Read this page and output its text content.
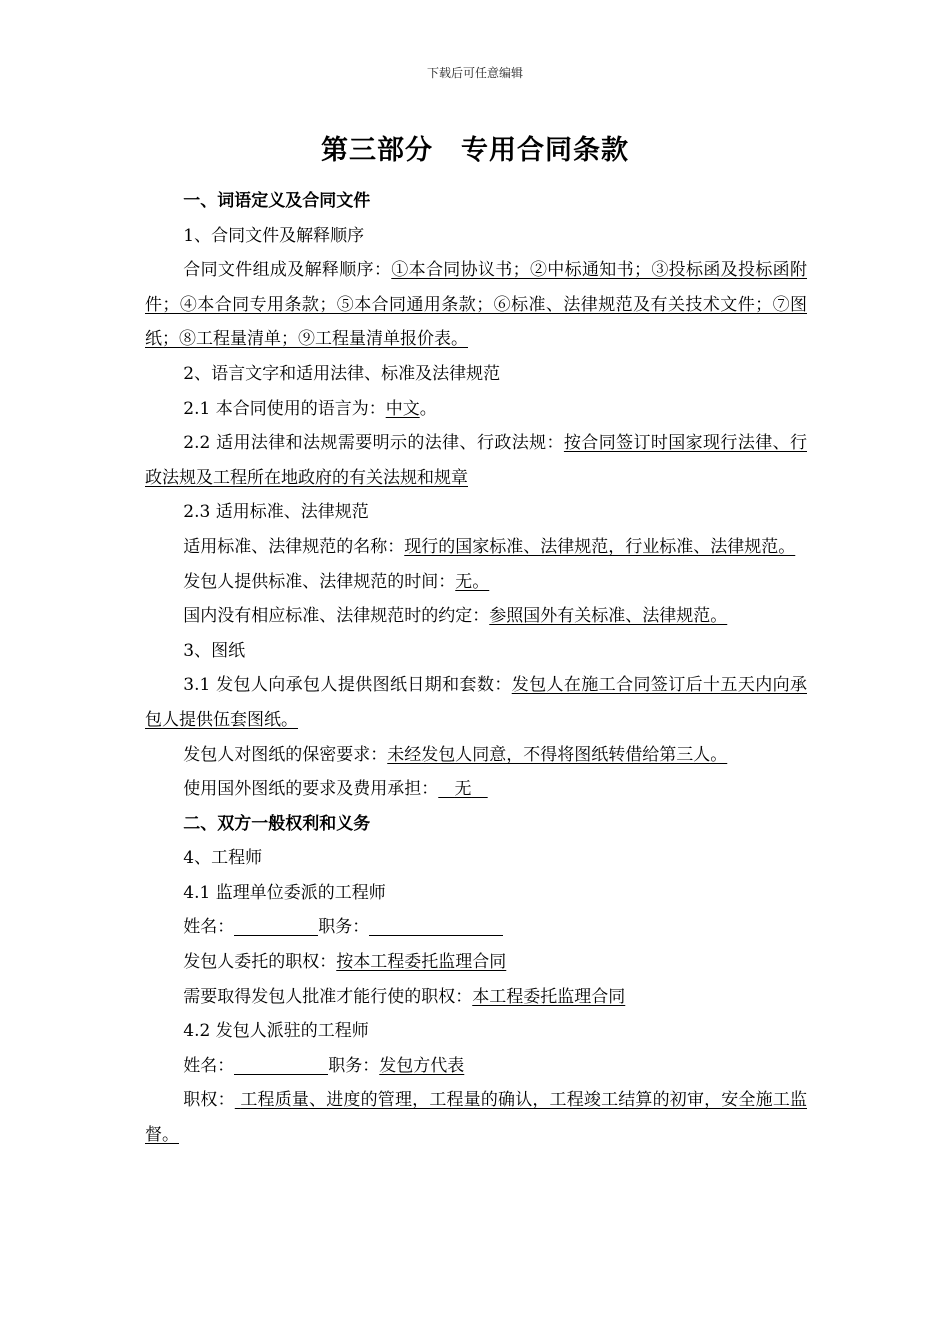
下载后可任意编辑
第三部分 专用合同条款

一、词语定义及合同文件

1、合同文件及解释顺序

合同文件组成及解释顺序：①本合同协议书；②中标通知书；③投标函及投标函附件；④本合同专用条款；⑤本合同通用条款；⑥标准、法律规范及有关技术文件；⑦图纸；⑧工程量清单；⑨工程量清单报价表。

2、语言文字和适用法律、标准及法律规范

2.1 本合同使用的语言为：中文。

2.2 适用法律和法规需要明示的法律、行政法规：按合同签订时国家现行法律、行政法规及工程所在地政府的有关法规和规章

2.3 适用标准、法律规范

适用标准、法律规范的名称：现行的国家标准、法律规范，行业标准、法律规范。

发包人提供标准、法律规范的时间：无。

国内没有相应标准、法律规范时的约定：参照国外有关标准、法律规范。

3、图纸

3.1 发包人向承包人提供图纸日期和套数：发包人在施工合同签订后十五天内向承包人提供伍套图纸。

发包人对图纸的保密要求：未经发包人同意，不得将图纸转借给第三人。

使用国外图纸的要求及费用承担： 无

二、双方一般权利和义务

4、工程师

4.1 监理单位委派的工程师

姓名：	职务：

发包人委托的职权：按本工程委托监理合同

需要取得发包人批准才能行使的职权：本工程委托监理合同

4.2 发包人派驻的工程师

姓名：	职务：发包方代表

职权： 工程质量、进度的管理，工程量的确认，工程竣工结算的初审，安全施工监督。
